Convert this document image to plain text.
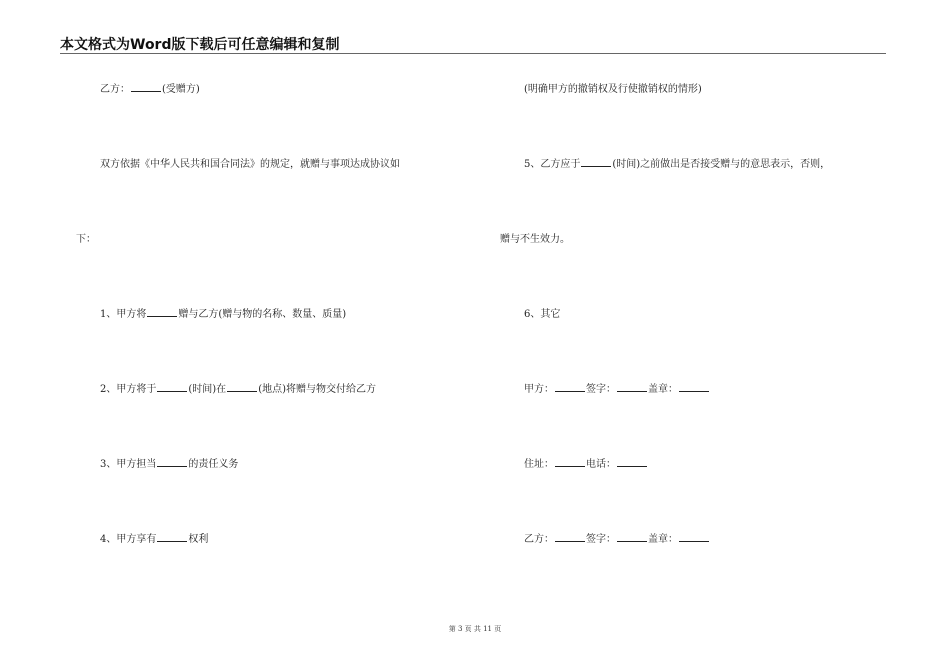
本文格式为Word版下载后可任意编辑和复制
乙方：	(受赠方)
双方依据《中华人民共和国合同法》的规定，就赠与事项达成协议如
下：
1、甲方将	赠与乙方(赠与物的名称、数量、质量)
2、甲方将于	(时间)在	(地点)将赠与物交付给乙方
3、甲方担当	的责任义务
4、甲方享有	权利
(明确甲方的撤销权及行使撤销权的情形)
5、乙方应于	(时间)之前做出是否接受赠与的意思表示，否则，
赠与不生效力。
6、其它
甲方：	签字：	盖章：
住址：	电话：
乙方：	签字：	盖章：
第 3 页 共 11 页
